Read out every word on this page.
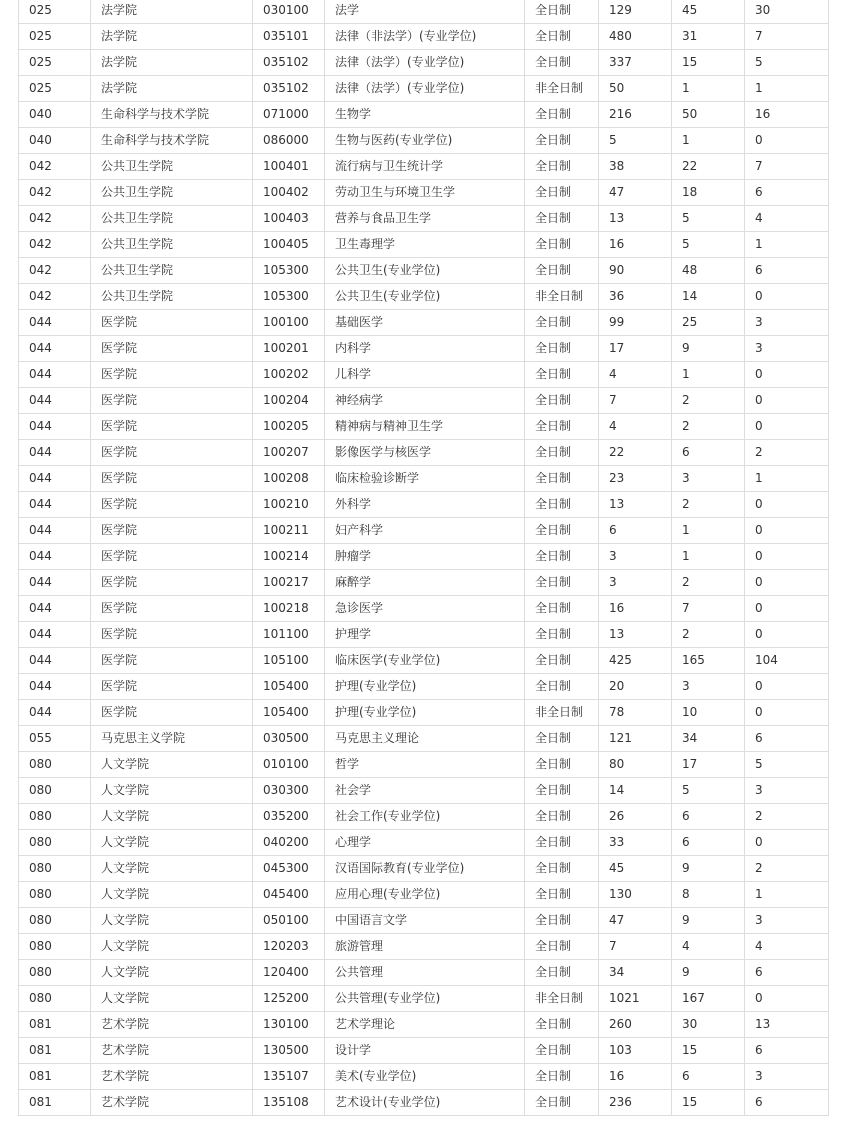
025	法学院	030100	法学	全日制	129	45	30
025	法学院	035101	法律（非法学）(专业学位)	全日制	480	31	7
025	法学院	035102	法律（法学）(专业学位)	全日制	337	15	5
025	法学院	035102	法律（法学）(专业学位)	非全日制	50	1	1
040	生命科学与技术学院	071000	生物学	全日制	216	50	16
040	生命科学与技术学院	086000	生物与医药(专业学位)	全日制	5	1	0
042	公共卫生学院	100401	流行病与卫生统计学	全日制	38	22	7
042	公共卫生学院	100402	劳动卫生与环境卫生学	全日制	47	18	6
042	公共卫生学院	100403	营养与食品卫生学	全日制	13	5	4
042	公共卫生学院	100405	卫生毒理学	全日制	16	5	1
042	公共卫生学院	105300	公共卫生(专业学位)	全日制	90	48	6
042	公共卫生学院	105300	公共卫生(专业学位)	非全日制	36	14	0
044	医学院	100100	基础医学	全日制	99	25	3
044	医学院	100201	内科学	全日制	17	9	3
044	医学院	100202	儿科学	全日制	4	1	0
044	医学院	100204	神经病学	全日制	7	2	0
044	医学院	100205	精神病与精神卫生学	全日制	4	2	0
044	医学院	100207	影像医学与核医学	全日制	22	6	2
044	医学院	100208	临床检验诊断学	全日制	23	3	1
044	医学院	100210	外科学	全日制	13	2	0
044	医学院	100211	妇产科学	全日制	6	1	0
044	医学院	100214	肿瘤学	全日制	3	1	0
044	医学院	100217	麻醉学	全日制	3	2	0
044	医学院	100218	急诊医学	全日制	16	7	0
044	医学院	101100	护理学	全日制	13	2	0
044	医学院	105100	临床医学(专业学位)	全日制	425	165	104
044	医学院	105400	护理(专业学位)	全日制	20	3	0
044	医学院	105400	护理(专业学位)	非全日制	78	10	0
055	马克思主义学院	030500	马克思主义理论	全日制	121	34	6
080	人文学院	010100	哲学	全日制	80	17	5
080	人文学院	030300	社会学	全日制	14	5	3
080	人文学院	035200	社会工作(专业学位)	全日制	26	6	2
080	人文学院	040200	心理学	全日制	33	6	0
080	人文学院	045300	汉语国际教育(专业学位)	全日制	45	9	2
080	人文学院	045400	应用心理(专业学位)	全日制	130	8	1
080	人文学院	050100	中国语言文学	全日制	47	9	3
080	人文学院	120203	旅游管理	全日制	7	4	4
080	人文学院	120400	公共管理	全日制	34	9	6
080	人文学院	125200	公共管理(专业学位)	非全日制	1021	167	0
081	艺术学院	130100	艺术学理论	全日制	260	30	13
081	艺术学院	130500	设计学	全日制	103	15	6
081	艺术学院	135107	美术(专业学位)	全日制	16	6	3
081	艺术学院	135108	艺术设计(专业学位)	全日制	236	15	6
